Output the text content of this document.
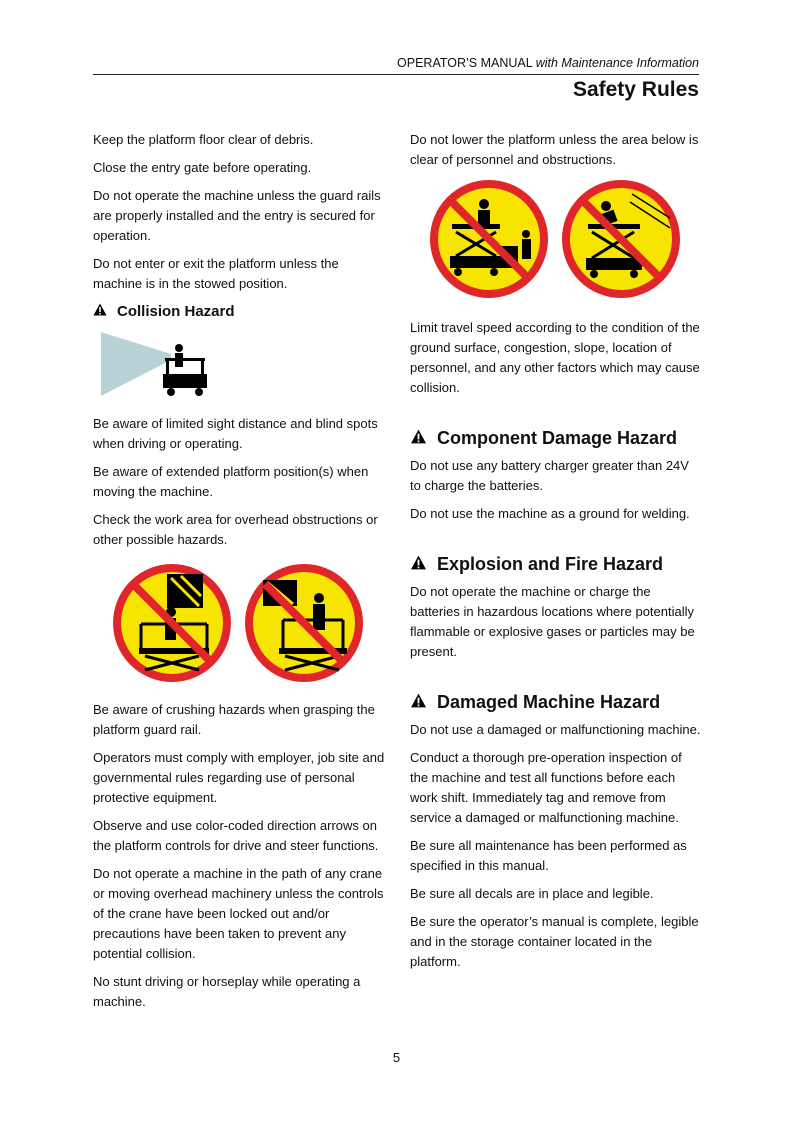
OPERATOR’S MANUAL with Maintenance Information
Safety Rules

Keep the platform floor clear of debris.

Close the entry gate before operating.

Do not operate the machine unless the guard rails are properly installed and the entry is secured for operation.

Do not enter or exit the platform unless the machine is in the stowed position.

Collision Hazard

Be aware of limited sight distance and blind spots when driving or operating.

Be aware of extended platform position(s) when moving the machine.

Check the work area for overhead obstructions or other possible hazards.

Be aware of crushing hazards when grasping the platform guard rail.

Operators must comply with employer, job site and governmental rules regarding use of personal protective equipment.

Observe and use color-coded direction arrows on the platform controls for drive and steer functions.

Do not operate a machine in the path of any crane or moving overhead machinery unless the controls of the crane have been locked out and/or precautions have been taken to prevent any potential collision.

No stunt driving or horseplay while operating a machine.

Do not lower the platform unless the area below is clear of personnel and obstructions.

Limit travel speed according to the condition of the ground surface, congestion, slope, location of personnel, and any other factors which may cause collision.

Component Damage Hazard

Do not use any battery charger greater than 24V to charge the batteries.

Do not use the machine as a ground for welding.

Explosion and Fire Hazard

Do not operate the machine or charge the batteries in hazardous locations where potentially flammable or explosive gases or particles may be present.

Damaged Machine Hazard

Do not use a damaged or malfunctioning machine.

Conduct a thorough pre-operation inspection of the machine and test all functions before each work shift. Immediately tag and remove from service a damaged or malfunctioning machine.

Be sure all maintenance has been performed as specified in this manual.

Be sure all decals are in place and legible.

Be sure the operator’s manual is complete, legible and in the storage container located in the platform.

5
